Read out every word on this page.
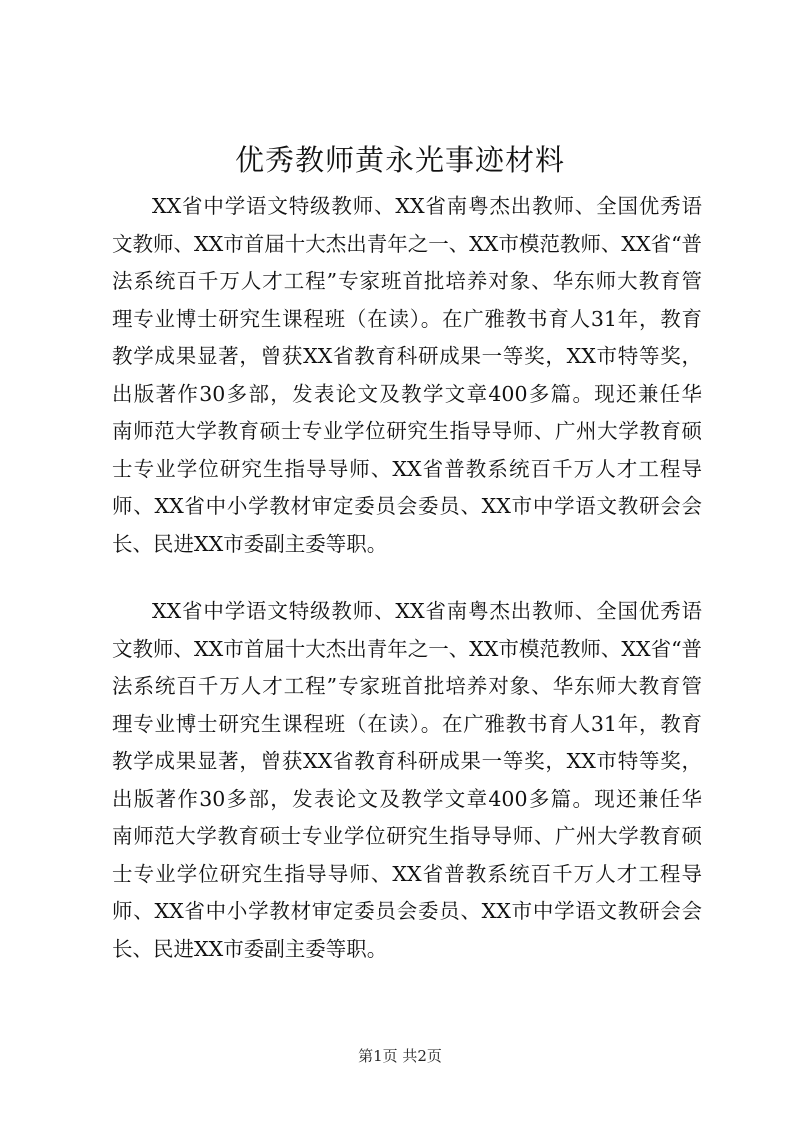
优秀教师黄永光事迹材料
XX省中学语文特级教师、XX省南粤杰出教师、全国优秀语
文教师、XX市首届十大杰出青年之一、XX市模范教师、XX省“普
法系统百千万人才工程”专家班首批培养对象、华东师大教育管
理专业博士研究生课程班（在读）。在广雅教书育人31年，教育
教学成果显著，曾获XX省教育科研成果一等奖，XX市特等奖，
出版著作30多部，发表论文及教学文章400多篇。现还兼任华
南师范大学教育硕士专业学位研究生指导导师、广州大学教育硕
士专业学位研究生指导导师、XX省普教系统百千万人才工程导
师、XX省中小学教材审定委员会委员、XX市中学语文教研会会
长、民进XX市委副主委等职。
XX省中学语文特级教师、XX省南粤杰出教师、全国优秀语
文教师、XX市首届十大杰出青年之一、XX市模范教师、XX省“普
法系统百千万人才工程”专家班首批培养对象、华东师大教育管
理专业博士研究生课程班（在读）。在广雅教书育人31年，教育
教学成果显著，曾获XX省教育科研成果一等奖，XX市特等奖，
出版著作30多部，发表论文及教学文章400多篇。现还兼任华
南师范大学教育硕士专业学位研究生指导导师、广州大学教育硕
士专业学位研究生指导导师、XX省普教系统百千万人才工程导
师、XX省中小学教材审定委员会委员、XX市中学语文教研会会
长、民进XX市委副主委等职。
第1页 共2页
